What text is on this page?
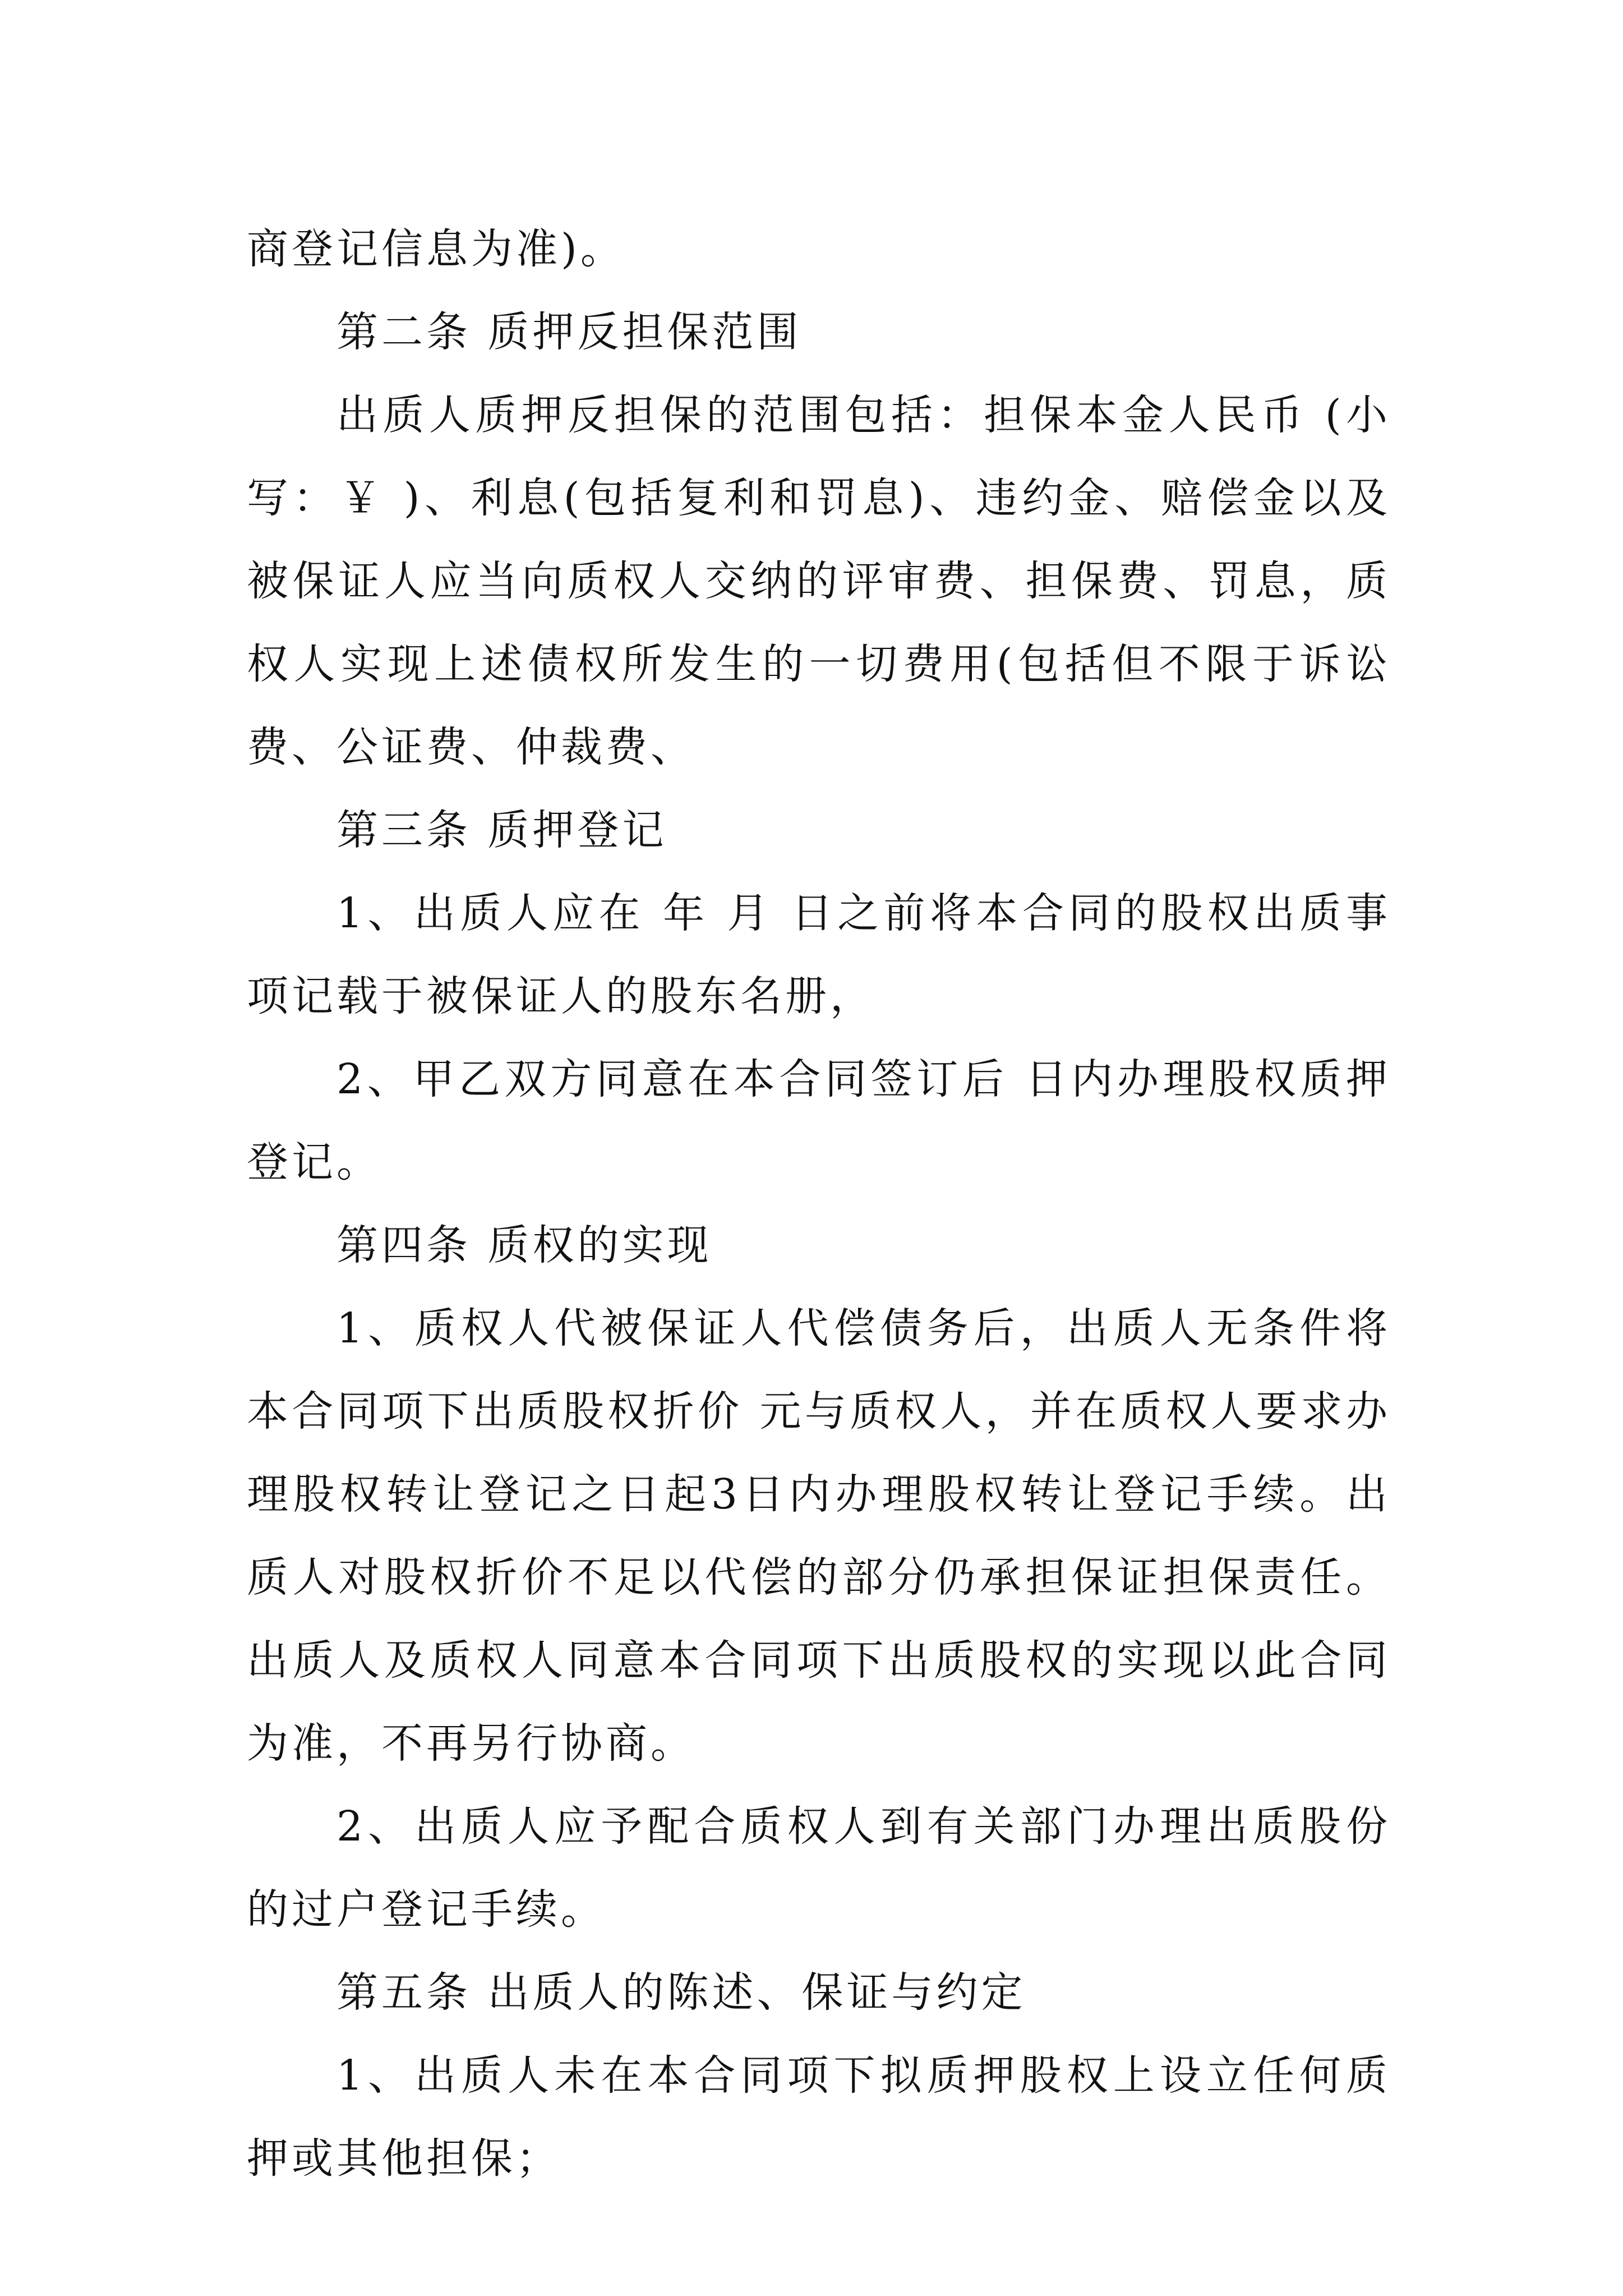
商登记信息为准)。

第二条 质押反担保范围

出质人质押反担保的范围包括：担保本金人民币 (小写：￥ )、利息(包括复利和罚息)、违约金、赔偿金以及被保证人应当向质权人交纳的评审费、担保费、罚息，质权人实现上述债权所发生的一切费用(包括但不限于诉讼费、公证费、仲裁费、

第三条 质押登记

1、出质人应在 年 月 日之前将本合同的股权出质事项记载于被保证人的股东名册，

2、甲乙双方同意在本合同签订后 日内办理股权质押登记。

第四条 质权的实现

1、质权人代被保证人代偿债务后，出质人无条件将本合同项下出质股权折价 元与质权人，并在质权人要求办理股权转让登记之日起3日内办理股权转让登记手续。出质人对股权折价不足以代偿的部分仍承担保证担保责任。出质人及质权人同意本合同项下出质股权的实现以此合同为准，不再另行协商。

2、出质人应予配合质权人到有关部门办理出质股份的过户登记手续。

第五条 出质人的陈述、保证与约定

1、出质人未在本合同项下拟质押股权上设立任何质押或其他担保；
